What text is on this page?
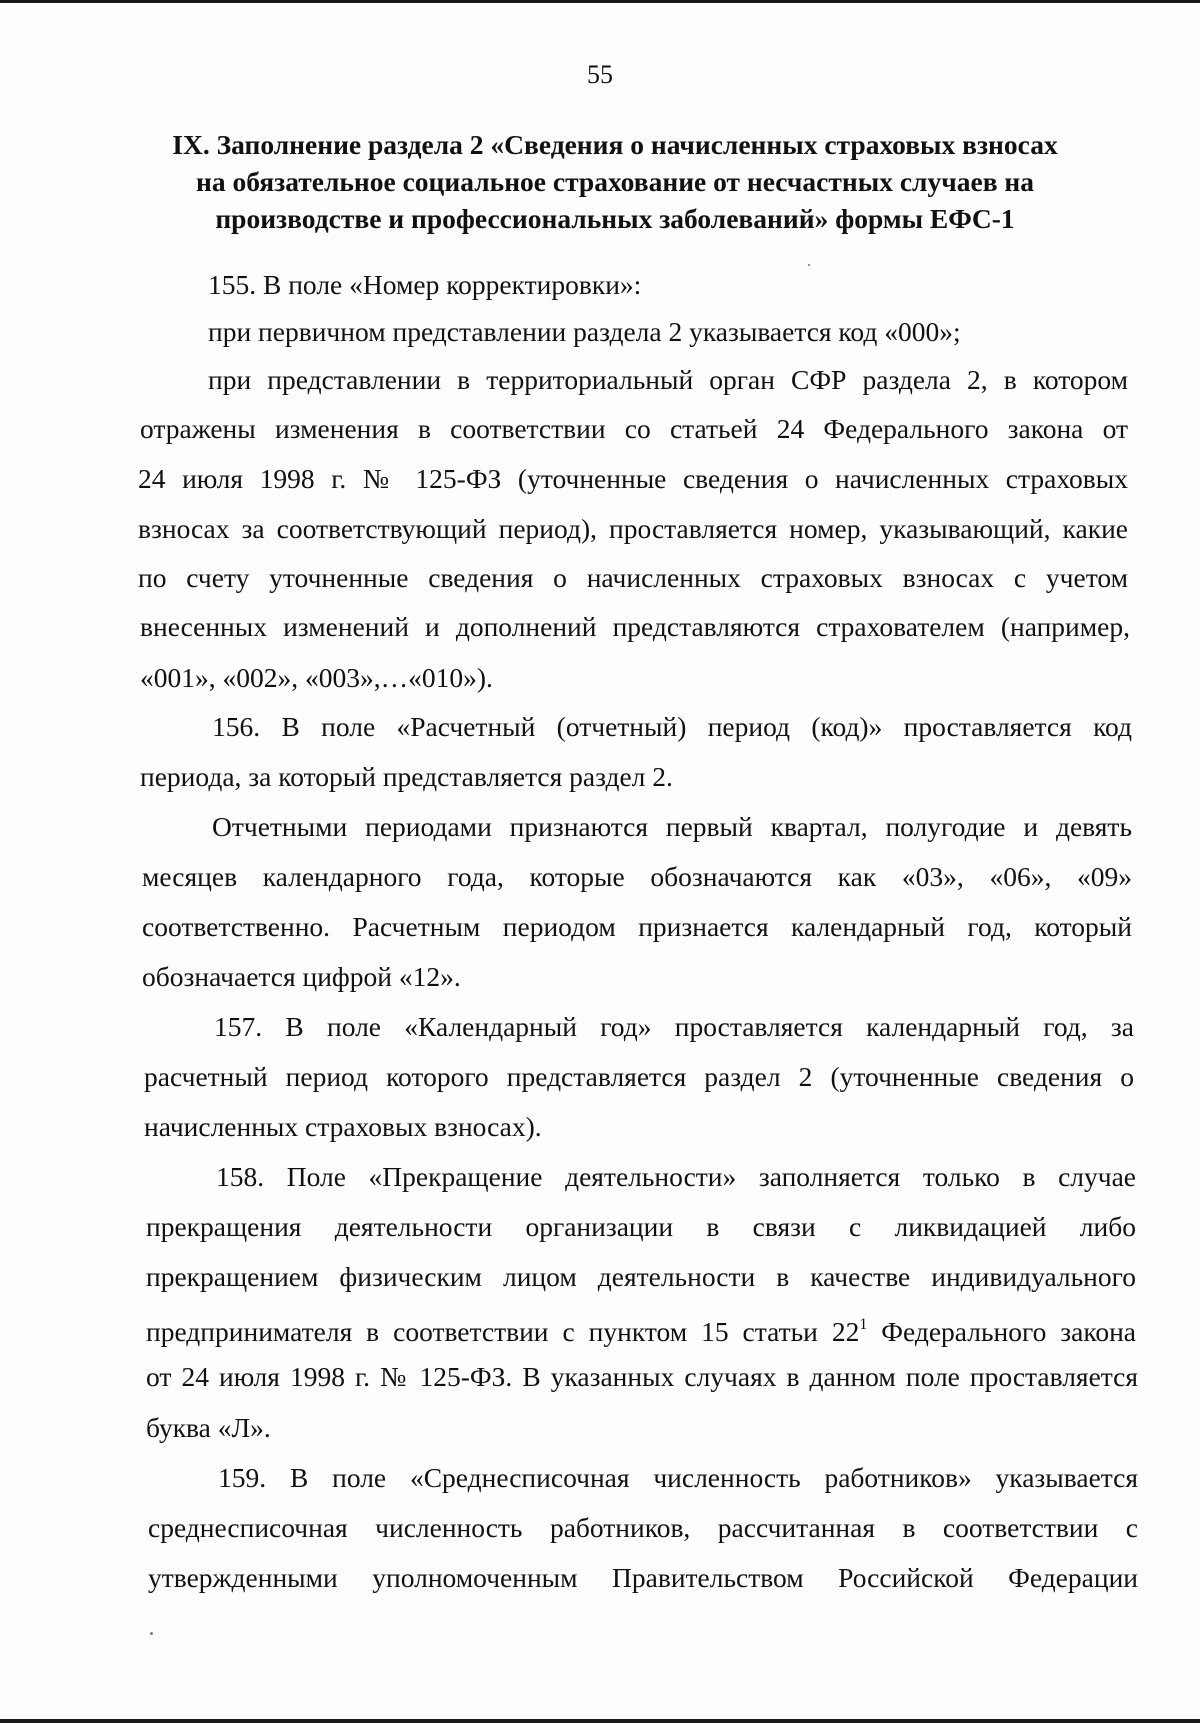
55
IX. Заполнение раздела 2 «Сведения о начисленных страховых взносах
на обязательное социальное страхование от несчастных случаев на
производстве и профессиональных заболеваний» формы ЕФС-1
155. В поле «Номер корректировки»:
при первичном представлении раздела 2 указывается код «000»;
при представлении в территориальный орган СФР раздела 2, в котором
отражены изменения в соответствии со статьей 24 Федерального закона от
24 июля 1998 г. № 125-ФЗ (уточненные сведения о начисленных страховых
взносах за соответствующий период), проставляется номер, указывающий, какие
по счету уточненные сведения о начисленных страховых взносах с учетом
внесенных изменений и дополнений представляются страхователем (например,
«001», «002», «003»,…«010»).
156. В поле «Расчетный (отчетный) период (код)» проставляется код
периода, за который представляется раздел 2.
Отчетными периодами признаются первый квартал, полугодие и девять
месяцев календарного года, которые обозначаются как «03», «06», «09»
соответственно. Расчетным периодом признается календарный год, который
обозначается цифрой «12».
157. В поле «Календарный год» проставляется календарный год, за
расчетный период которого представляется раздел 2 (уточненные сведения о
начисленных страховых взносах).
158. Поле «Прекращение деятельности» заполняется только в случае
прекращения деятельности организации в связи с ликвидацией либо
прекращением физическим лицом деятельности в качестве индивидуального
предпринимателя в соответствии с пунктом 15 статьи $22^1$ Федерального закона
от 24 июля 1998 г. № 125-ФЗ. В указанных случаях в данном поле проставляется
буква «Л».
159. В поле «Среднесписочная численность работников» указывается
среднесписочная численность работников, рассчитанная в соответствии с
утвержденными уполномоченным Правительством Российской Федерации
